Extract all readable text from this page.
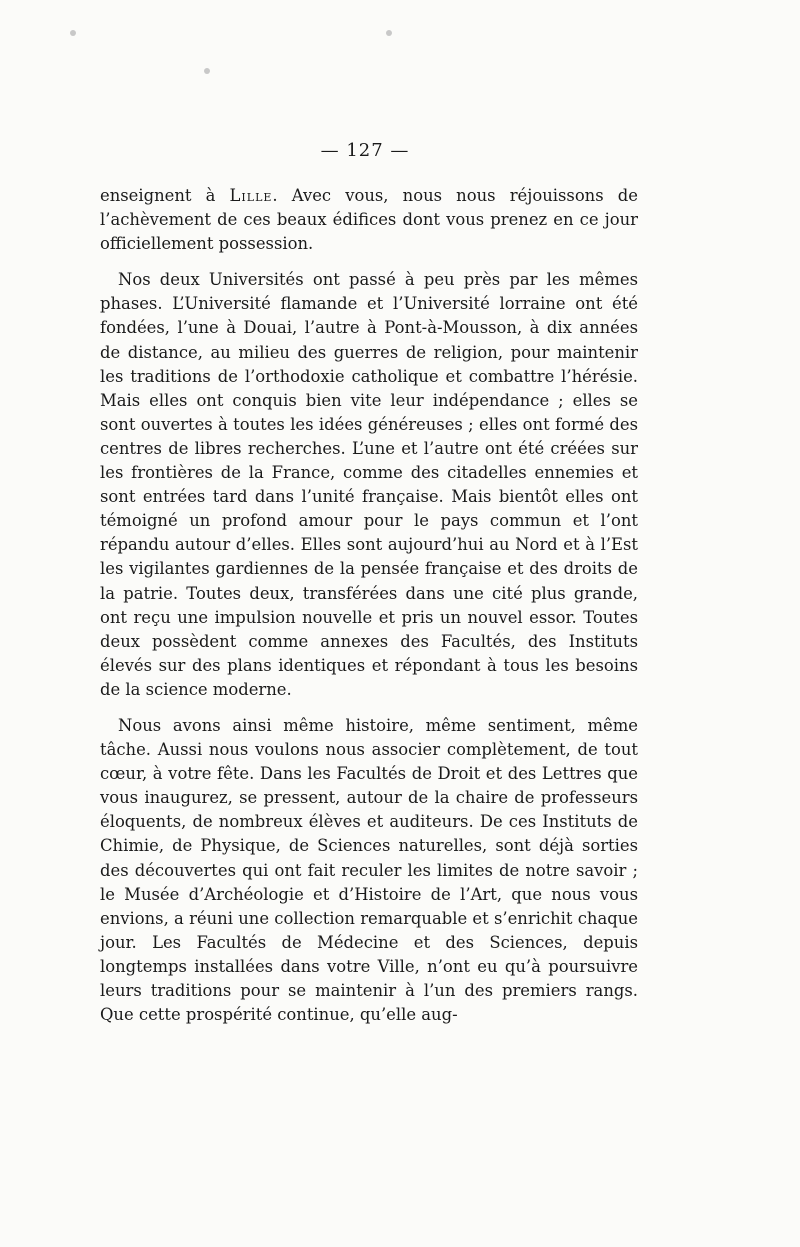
— 127 —

enseignent à Lille. Avec vous, nous nous réjouissons de l’achèvement de ces beaux édifices dont vous prenez en ce jour officiellement possession.

Nos deux Universités ont passé à peu près par les mêmes phases. L’Université flamande et l’Université lorraine ont été fondées, l’une à Douai, l’autre à Pont-à-Mousson, à dix années de distance, au milieu des guerres de religion, pour maintenir les traditions de l’orthodoxie catholique et combattre l’hérésie. Mais elles ont conquis bien vite leur indépendance ; elles se sont ouvertes à toutes les idées généreuses ; elles ont formé des centres de libres recherches. L’une et l’autre ont été créées sur les frontières de la France, comme des citadelles ennemies et sont entrées tard dans l’unité française. Mais bientôt elles ont témoigné un profond amour pour le pays commun et l’ont répandu autour d’elles. Elles sont aujourd’hui au Nord et à l’Est les vigilantes gardiennes de la pensée française et des droits de la patrie. Toutes deux, transférées dans une cité plus grande, ont reçu une impulsion nouvelle et pris un nouvel essor. Toutes deux possèdent comme annexes des Facultés, des Instituts élevés sur des plans identiques et répondant à tous les besoins de la science moderne.

Nous avons ainsi même histoire, même sentiment, même tâche. Aussi nous voulons nous associer complètement, de tout cœur, à votre fête. Dans les Facultés de Droit et des Lettres que vous inaugurez, se pressent, autour de la chaire de professeurs éloquents, de nombreux élèves et auditeurs. De ces Instituts de Chimie, de Physique, de Sciences naturelles, sont déjà sorties des découvertes qui ont fait reculer les limites de notre savoir ; le Musée d’Archéologie et d’Histoire de l’Art, que nous vous envions, a réuni une collection remarquable et s’enrichit chaque jour. Les Facultés de Médecine et des Sciences, depuis longtemps installées dans votre Ville, n’ont eu qu’à poursuivre leurs traditions pour se maintenir à l’un des premiers rangs. Que cette prospérité continue, qu’elle aug-
